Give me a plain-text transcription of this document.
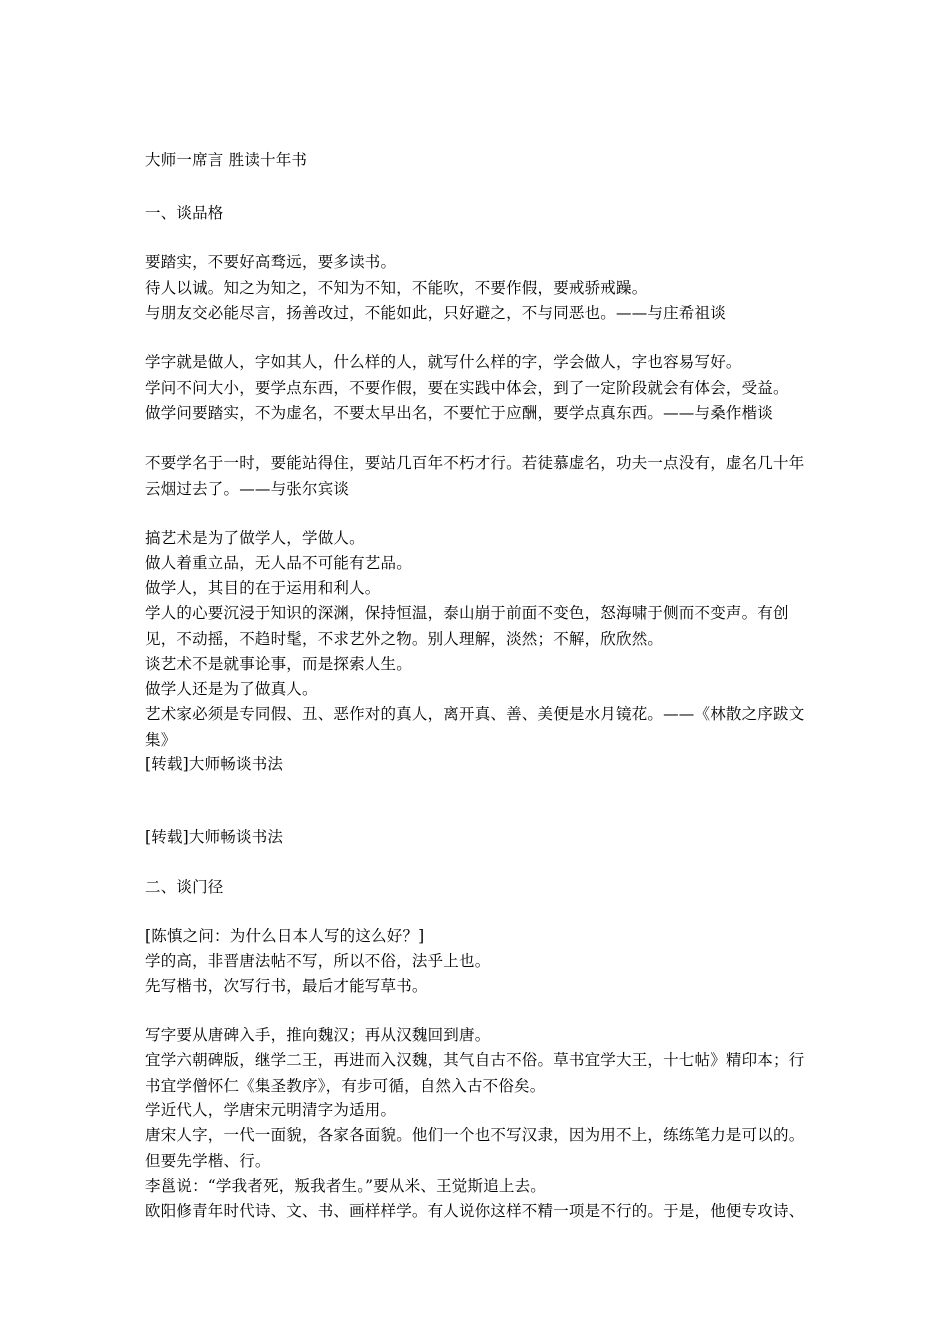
大师一席言 胜读十年书
一、谈品格
要踏实，不要好高骛远，要多读书。
待人以诚。知之为知之，不知为不知，不能吹，不要作假，要戒骄戒躁。
与朋友交必能尽言，扬善改过，不能如此，只好避之，不与同恶也。——与庄希祖谈
学字就是做人，字如其人，什么样的人，就写什么样的字，学会做人，字也容易写好。
学问不问大小，要学点东西，不要作假，要在实践中体会，到了一定阶段就会有体会，受益。
做学问要踏实，不为虚名，不要太早出名，不要忙于应酬，要学点真东西。——与桑作楷谈
不要学名于一时，要能站得住，要站几百年不朽才行。若徒慕虚名，功夫一点没有，虚名几十年云烟过去了。——与张尔宾谈
搞艺术是为了做学人，学做人。
做人着重立品，无人品不可能有艺品。
做学人，其目的在于运用和利人。
学人的心要沉浸于知识的深渊，保持恒温，泰山崩于前面不变色，怒海啸于侧而不变声。有创见，不动摇，不趋时髦，不求艺外之物。别人理解，淡然；不解，欣欣然。
谈艺术不是就事论事，而是探索人生。
做学人还是为了做真人。
艺术家必须是专同假、丑、恶作对的真人，离开真、善、美便是水月镜花。——《林散之序跋文集》
[转载]大师畅谈书法
[转载]大师畅谈书法
二、谈门径
[陈慎之问：为什么日本人写的这么好？]
学的高，非晋唐法帖不写，所以不俗，法乎上也。
先写楷书，次写行书，最后才能写草书。
写字要从唐碑入手，推向魏汉；再从汉魏回到唐。
宜学六朝碑版，继学二王，再进而入汉魏，其气自古不俗。草书宜学大王，十七帖》精印本；行书宜学僧怀仁《集圣教序》，有步可循，自然入古不俗矣。
学近代人，学唐宋元明清字为适用。
唐宋人字，一代一面貌，各家各面貌。他们一个也不写汉隶，因为用不上，练练笔力是可以的。但要先学楷、行。
李邕说：“学我者死，叛我者生。”要从米、王觉斯追上去。
欧阳修青年时代诗、文、书、画样样学。有人说你这样不精一项是不行的。于是，他便专攻诗、
